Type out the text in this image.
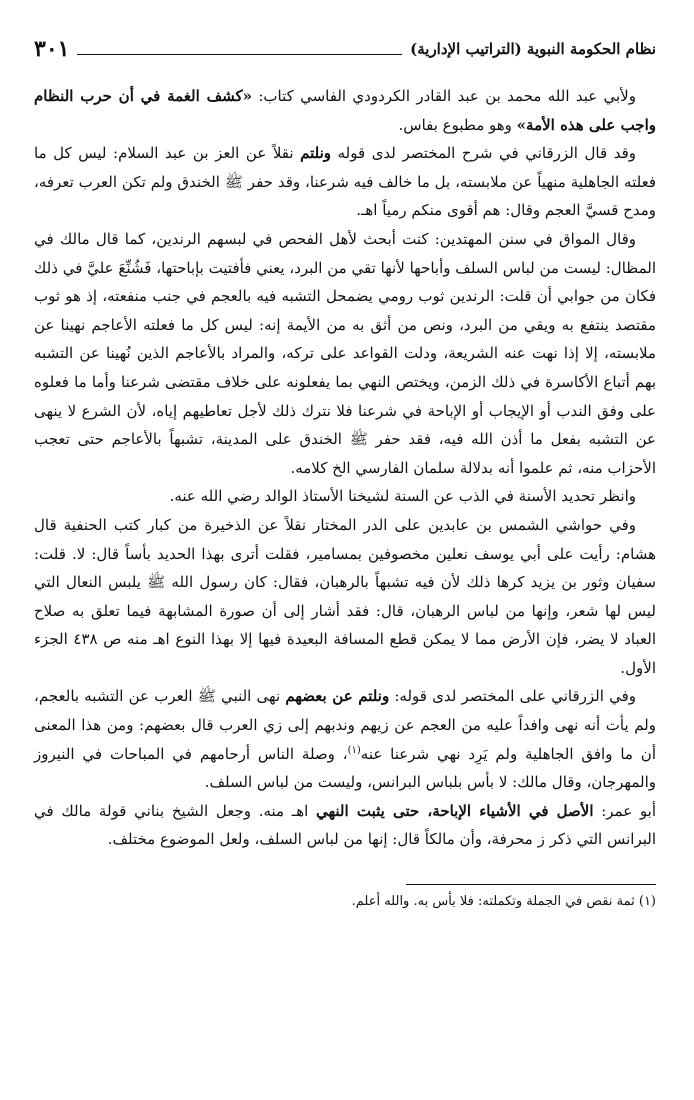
نظام الحكومة النبوية (التراتيب الإدارية)
٣٠١

ولأبي عبد الله محمد بن عبد القادر الكردودي الفاسي كتاب: «كشف الغمة في أن حرب النظام واجب على هذه الأمة» وهو مطبوع بفاس.

وقد قال الزرقاني في شرح المختصر لدى قوله ونلتم نقلاً عن العز بن عبد السلام: ليس كل ما فعلته الجاهلية منهياً عن ملابسته، بل ما خالف فيه شرعنا، وقد حفر ﷺ الخندق ولم تكن العرب تعرفه، ومدح قسيَّ العجم وقال: هم أقوى منكم رمياً اهـ.

وقال المواق في سنن المهتدين: كنت أبحث لأهل الفحص في لبسهم الرندين، كما قال مالك في المظال: ليست من لباس السلف وأباحها لأنها تقي من البرد، يعني فأفتيت بإباحتها، فَشُنِّعَ عليَّ في ذلك فكان من جوابي أن قلت: الرندين ثوب رومي يضمحل التشبه فيه بالعجم في جنب منفعته، إذ هو ثوب مقتصد ينتفع به ويقي من البرد، ونص من أثق به من الأيمة إنه: ليس كل ما فعلته الأعاجم نهينا عن ملابسته، إلا إذا نهت عنه الشريعة، ودلت القواعد على تركه، والمراد بالأعاجم الذين نُهينا عن التشبه بهم أتباع الأكاسرة في ذلك الزمن، ويختص النهي بما يفعلونه على خلاف مقتضى شرعنا وأما ما فعلوه على وفق الندب أو الإيجاب أو الإباحة في شرعنا فلا نترك ذلك لأجل تعاطيهم إياه، لأن الشرع لا ينهى عن التشبه بفعل ما أذن الله فيه، فقد حفر ﷺ الخندق على المدينة، تشبهاً بالأعاجم حتى تعجب الأحزاب منه، ثم علموا أنه بدلالة سلمان الفارسي الخ كلامه.

وانظر تحديد الأسنة في الذب عن السنة لشيخنا الأستاذ الوالد رضي الله عنه.

وفي حواشي الشمس بن عابدين على الدر المختار نقلاً عن الذخيرة من كبار كتب الحنفية قال هشام: رأيت على أبي يوسف نعلين مخصوفين بمسامير، فقلت أترى بهذا الحديد بأساً قال: لا. قلت: سفيان وثور بن يزيد كرها ذلك لأن فيه تشبهاً بالرهبان، فقال: كان رسول الله ﷺ يلبس النعال التي ليس لها شعر، وإنها من لباس الرهبان، قال: فقد أشار إلى أن صورة المشابهة فيما تعلق به صلاح العباد لا يضر، فإن الأرض مما لا يمكن قطع المسافة البعيدة فيها إلا بهذا النوع اهـ منه ص ٤٣٨ الجزء الأول.

وفي الزرقاني على المختصر لدى قوله: ونلتم عن بعضهم نهى النبي ﷺ العرب عن التشبه بالعجم، ولم يأت أنه نهى وافداً عليه من العجم عن زيهم وندبهم إلى زي العرب قال بعضهم: ومن هذا المعنى أن ما وافق الجاهلية ولم يَرِد نهي شرعنا عنه$^{(١)}$، وصلة الناس أرحامهم في المباحات في النيروز والمهرجان، وقال مالك: لا بأس بلباس البرانس، وليست من لباس السلف.

أبو عمر: الأصل في الأشياء الإباحة، حتى يثبت النهي اهـ منه. وجعل الشيخ بناني قولة مالك في البرانس التي ذكر ز محرفة، وأن مالكاً قال: إنها من لباس السلف، ولعل الموضوع مختلف.

(١) ثمة نقص في الجملة وتكملته: فلا بأس به. والله أعلم.
